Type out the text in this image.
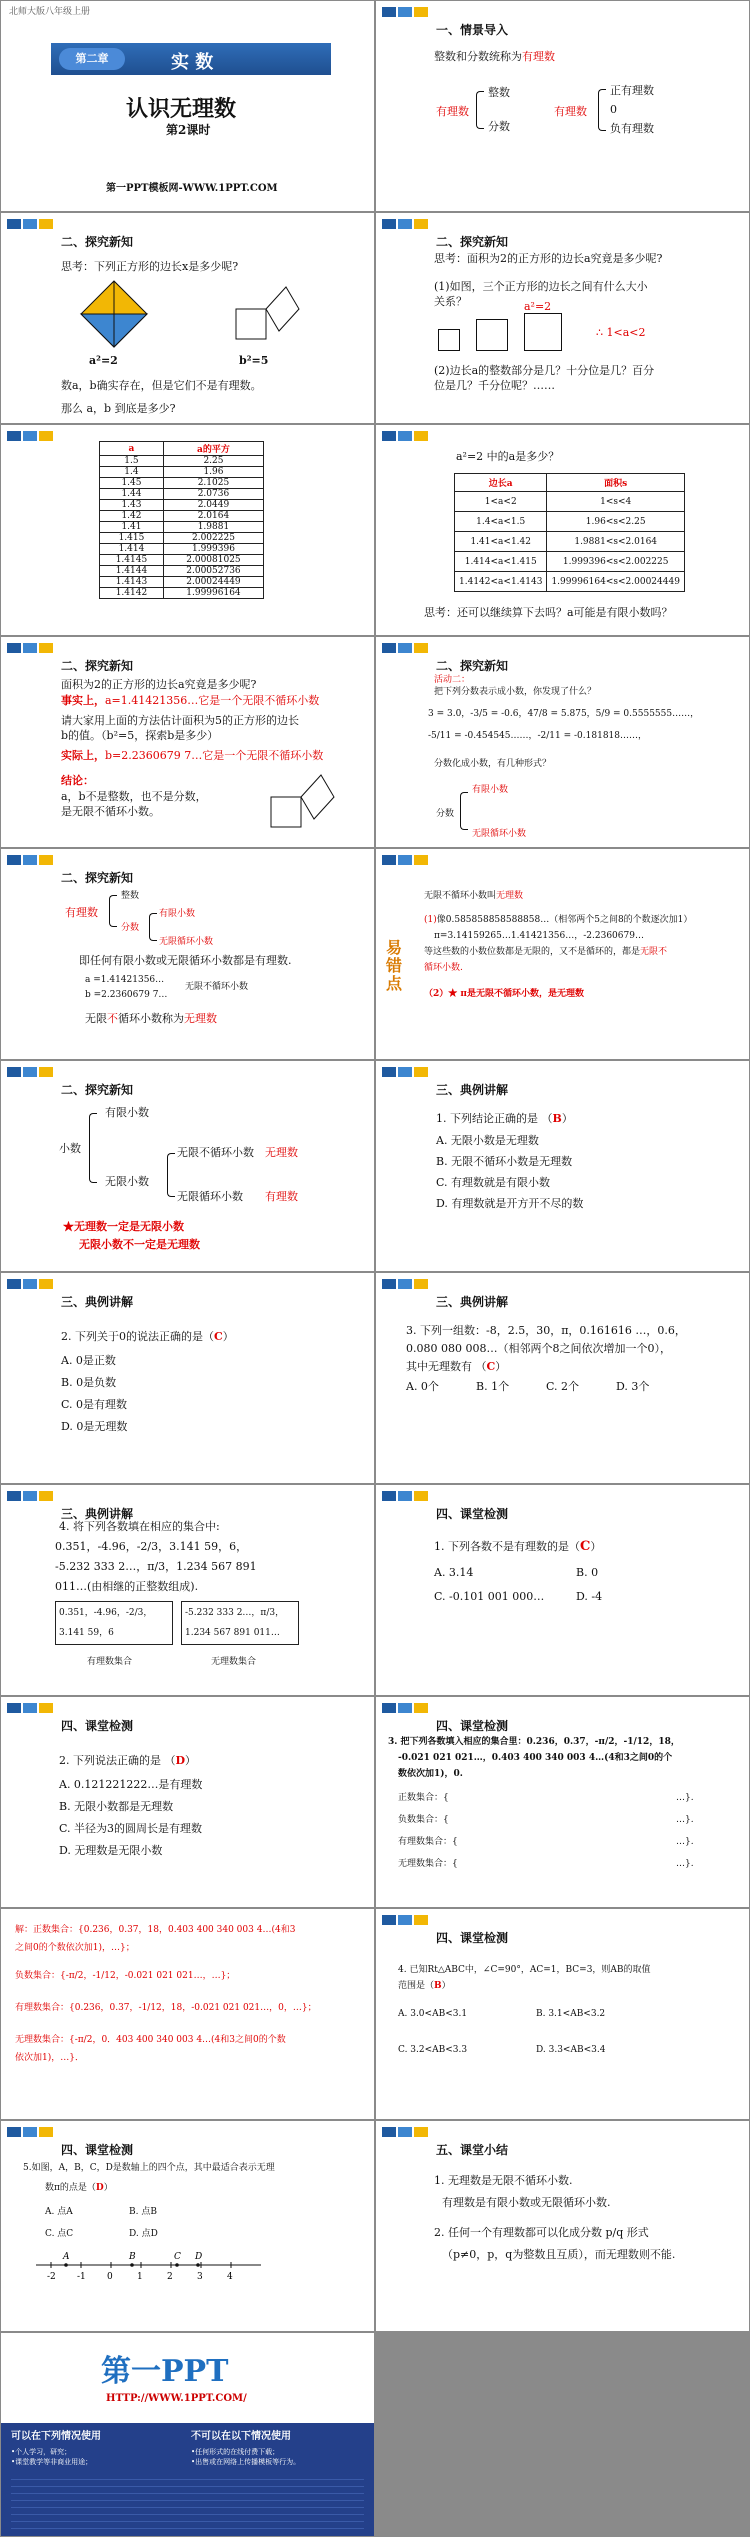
北师大版八年级上册
第二章	实 数
认识无理数
第2课时
第一PPT模板网-WWW.1PPT.COM
一、情景导入
整数和分数统称为有理数
有理数
整数
分数
有理数
正有理数
0
负有理数
二、探究新知
思考：下列正方形的边长x是多少呢?
a²=2	b²=5
数a，b确实存在，但是它们不是有理数。
那么 a，b 到底是多少?
二、探究新知
思考：面积为2的正方形的边长a究竟是多少呢?
(1)如图，三个正方形的边长之间有什么大小
关系？	a²=2
∴ 1<a<2
(2)边长a的整数部分是几？十分位是几？百分
位是几？千分位呢？……
a	a的平方
1.5	2.25
1.4	1.96
1.45	2.1025
1.44	2.0736
1.43	2.0449
1.42	2.0164
1.41	1.9881
1.415	2.002225
1.414	1.999396
1.4145	2.00081025
1.4144	2.00052736
1.4143	2.00024449
1.4142	1.99996164
a²=2 中的a是多少？
边长a	面积s
1<a<2	1<s<4
1.4<a<1.5	1.96<s<2.25
1.41<a<1.42	1.9881<s<2.0164
1.414<a<1.415	1.999396<s<2.002225
1.4142<a<1.4143	1.99996164<s<2.00024449
思考：还可以继续算下去吗？a可能是有限小数吗？
二、探究新知
面积为2的正方形的边长a究竟是多少呢?
事实上，a=1.41421356…它是一个无限不循环小数
请大家用上面的方法估计面积为5的正方形的边长
b的值。（b²=5，探索b是多少）
实际上，b=2.2360679 7…它是一个无限不循环小数
结论：
a，b不是整数，也不是分数，
是无限不循环小数。
二、探究新知
活动二：
把下列分数表示成小数，你发现了什么？
3 = 3.0，-3/5 = -0.6，47/8 = 5.875，5/9 = 0.5555555……，
-5/11 = -0.454545……，-2/11 = -0.181818……，
分数化成小数，有几种形式？
分数
有限小数
无限循环小数
二、探究新知
有理数
整数
分数
有限小数
无限循环小数
即任何有限小数或无限循环小数都是有理数.
a =1.41421356…
b =2.2360679 7…
无限不循环小数
无限不循环小数称为无理数
易错点
无限不循环小数叫无理数
(1)像0.585858858588858…（相邻两个5之间8的个数逐次加1）
π=3.14159265…1.41421356…，-2.2360679…
等这些数的小数位数都是无限的，又不是循环的，都是无限不
循环小数.
（2）★ π是无限不循环小数，是无理数
二、探究新知
小数
有限小数
无限小数
无限不循环小数
无限循环小数
无理数
有理数
★无理数一定是无限小数
无限小数不一定是无理数
三、典例讲解
1. 下列结论正确的是 （B）
A. 无限小数是无理数
B. 无限不循环小数是无理数
C. 有理数就是有限小数
D. 有理数就是开方开不尽的数
三、典例讲解
2. 下列关于0的说法正确的是（C）
A. 0是正数
B. 0是负数
C. 0是有理数
D. 0是无理数
三、典例讲解
3. 下列一组数：-8，2.5，30，π，0.161616 …，0.6，
0.080 080 008…（相邻两个8之间依次增加一个0），
其中无理数有 （C）
A. 0个	B. 1个	C. 2个	D. 3个
三、典例讲解
4. 将下列各数填在相应的集合中:
0.351，-4.96，-2/3，3.141 59，6，
-5.232 333 2…，π/3，1.234 567 891
011…(由相继的正整数组成).
0.351，-4.96，-2/3，
3.141 59，6
-5.232 333 2…，π/3，
1.234 567 891 011…
有理数集合	无理数集合
四、课堂检测
1. 下列各数不是有理数的是（C）
A. 3.14	B. 0
C. -0.101 001 000…	D. -4
四、课堂检测
2. 下列说法正确的是 （D）
A. 0.121221222…是有理数
B. 无限小数都是无理数
C. 半径为3的圆周长是有理数
D. 无理数是无限小数
四、课堂检测
3. 把下列各数填入相应的集合里：0.236，0.37，-π/2，-1/12，18，
-0.021 021 021…，0.403 400 340 003 4…(4和3之间0的个
数依次加1)，0.
正数集合：{	…}.
负数集合：{	…}.
有理数集合：{	…}.
无理数集合：{	…}.
解：正数集合：{0.236，0.37，18，0.403 400 340 003 4…(4和3
之间0的个数依次加1)，…}；
负数集合：{-π/2，-1/12，-0.021 021 021…，…}；
有理数集合：{0.236，0.37，-1/12，18，-0.021 021 021…，0，…}；
无理数集合：{-π/2，0．403 400 340 003 4…(4和3之间0的个数
依次加1)，…}．
四、课堂检测
4. 已知Rt△ABC中，∠C=90°，AC=1，BC=3，则AB的取值
范围是（B）
A. 3.0<AB<3.1	B. 3.1<AB<3.2
C. 3.2<AB<3.3	D. 3.3<AB<3.4
四、课堂检测
5.如图，A，B，C，D是数轴上的四个点，其中最适合表示无理
数π的点是（D）
A. 点A	B. 点B
C. 点C	D. 点D
-2 -1 0	1	2	3	4
A	B	C D
五、课堂小结
1. 无理数是无限不循环小数.
有理数是有限小数或无限循环小数.
2. 任何一个有理数都可以化成分数 p/q 形式
（p≠0，p，q为整数且互质），而无理数则不能.
第一PPT
HTTP://WWW.1PPT.COM/
可以在下列情况使用	不可以在以下情况使用
•个人学习，研究；
•课堂教学等非商业用途；
•任何形式的在线付费下载；
•出售或在网络上传播模板等行为。
